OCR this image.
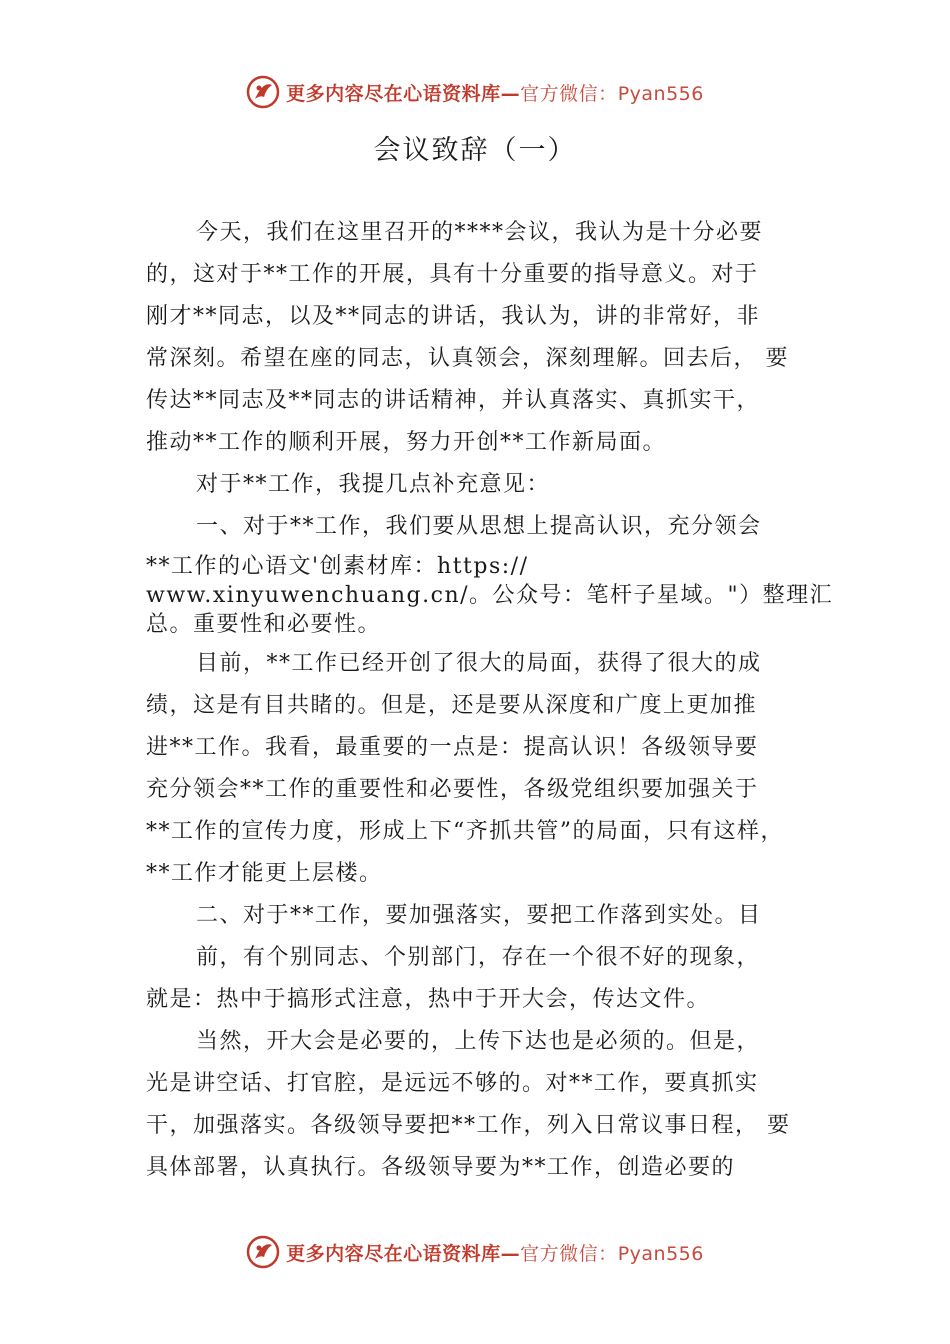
更多内容尽在心语资料库—官方微信：Pyan556
会议致辞（一）
今天，我们在这里召开的****会议，我认为是十分必要
的，这对于**工作的开展，具有十分重要的指导意义。对于
刚才**同志，以及**同志的讲话，我认为，讲的非常好，非
常深刻。希望在座的同志，认真领会，深刻理解。回去后， 要
传达**同志及**同志的讲话精神，并认真落实、真抓实干，
推动**工作的顺利开展，努力开创**工作新局面。
对于**工作，我提几点补充意见：
一、对于**工作，我们要从思想上提高认识，充分领会
**工作的心语文'创素材库：https://
www.xinyuwenchuang.cn/。公众号：笔杆子星域。"）整理汇
总。重要性和必要性。
目前，**工作已经开创了很大的局面，获得了很大的成
绩，这是有目共睹的。但是，还是要从深度和广度上更加推
进**工作。我看，最重要的一点是：提高认识！各级领导要
充分领会**工作的重要性和必要性，各级党组织要加强关于
**工作的宣传力度，形成上下“齐抓共管”的局面，只有这样，
**工作才能更上层楼。
二、对于**工作，要加强落实，要把工作落到实处。目
前，有个别同志、个别部门，存在一个很不好的现象，
就是：热中于搞形式注意，热中于开大会，传达文件。
当然，开大会是必要的，上传下达也是必须的。但是，
光是讲空话、打官腔，是远远不够的。对**工作，要真抓实
干，加强落实。各级领导要把**工作，列入日常议事日程， 要
具体部署，认真执行。各级领导要为**工作，创造必要的
更多内容尽在心语资料库—官方微信：Pyan556
